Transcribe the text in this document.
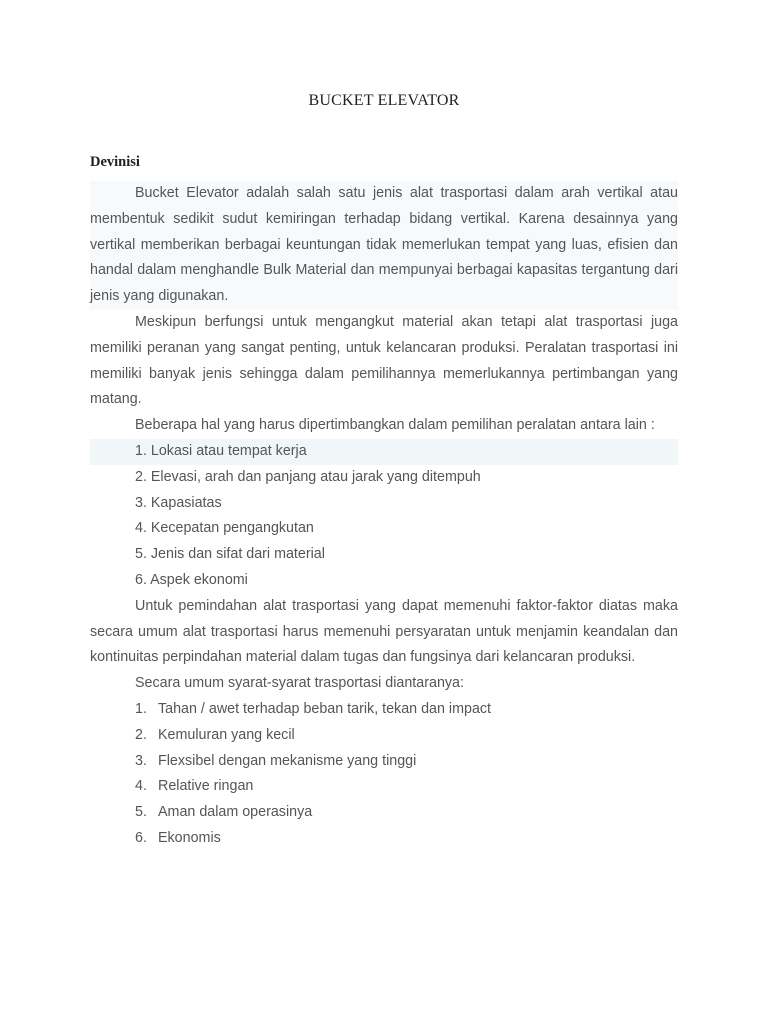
BUCKET ELEVATOR
Devinisi

Bucket Elevator adalah salah satu jenis alat trasportasi dalam arah vertikal atau membentuk sedikit sudut kemiringan terhadap bidang vertikal. Karena desainnya yang vertikal memberikan berbagai keuntungan tidak memerlukan tempat yang luas, efisien dan handal dalam menghandle Bulk Material dan mempunyai berbagai kapasitas tergantung dari jenis yang digunakan.

Meskipun berfungsi untuk mengangkut material akan tetapi alat trasportasi juga memiliki peranan yang sangat penting, untuk kelancaran produksi. Peralatan trasportasi ini memiliki banyak jenis sehingga dalam pemilihannya memerlukannya pertimbangan yang matang.

Beberapa hal yang harus dipertimbangkan dalam pemilihan peralatan antara lain :

1. Lokasi atau tempat kerja

2. Elevasi, arah dan panjang atau jarak yang ditempuh

3. Kapasiatas

4. Kecepatan pengangkutan

5. Jenis dan sifat dari material

6. Aspek ekonomi

Untuk pemindahan alat trasportasi yang dapat memenuhi faktor-faktor diatas maka secara umum alat trasportasi harus memenuhi persyaratan untuk menjamin keandalan dan kontinuitas perpindahan material dalam tugas dan fungsinya dari kelancaran produksi.

Secara umum syarat-syarat trasportasi diantaranya:

1. Tahan / awet terhadap beban tarik, tekan dan impact

2. Kemuluran yang kecil

3. Flexsibel dengan mekanisme yang tinggi

4. Relative ringan

5. Aman dalam operasinya

6. Ekonomis
